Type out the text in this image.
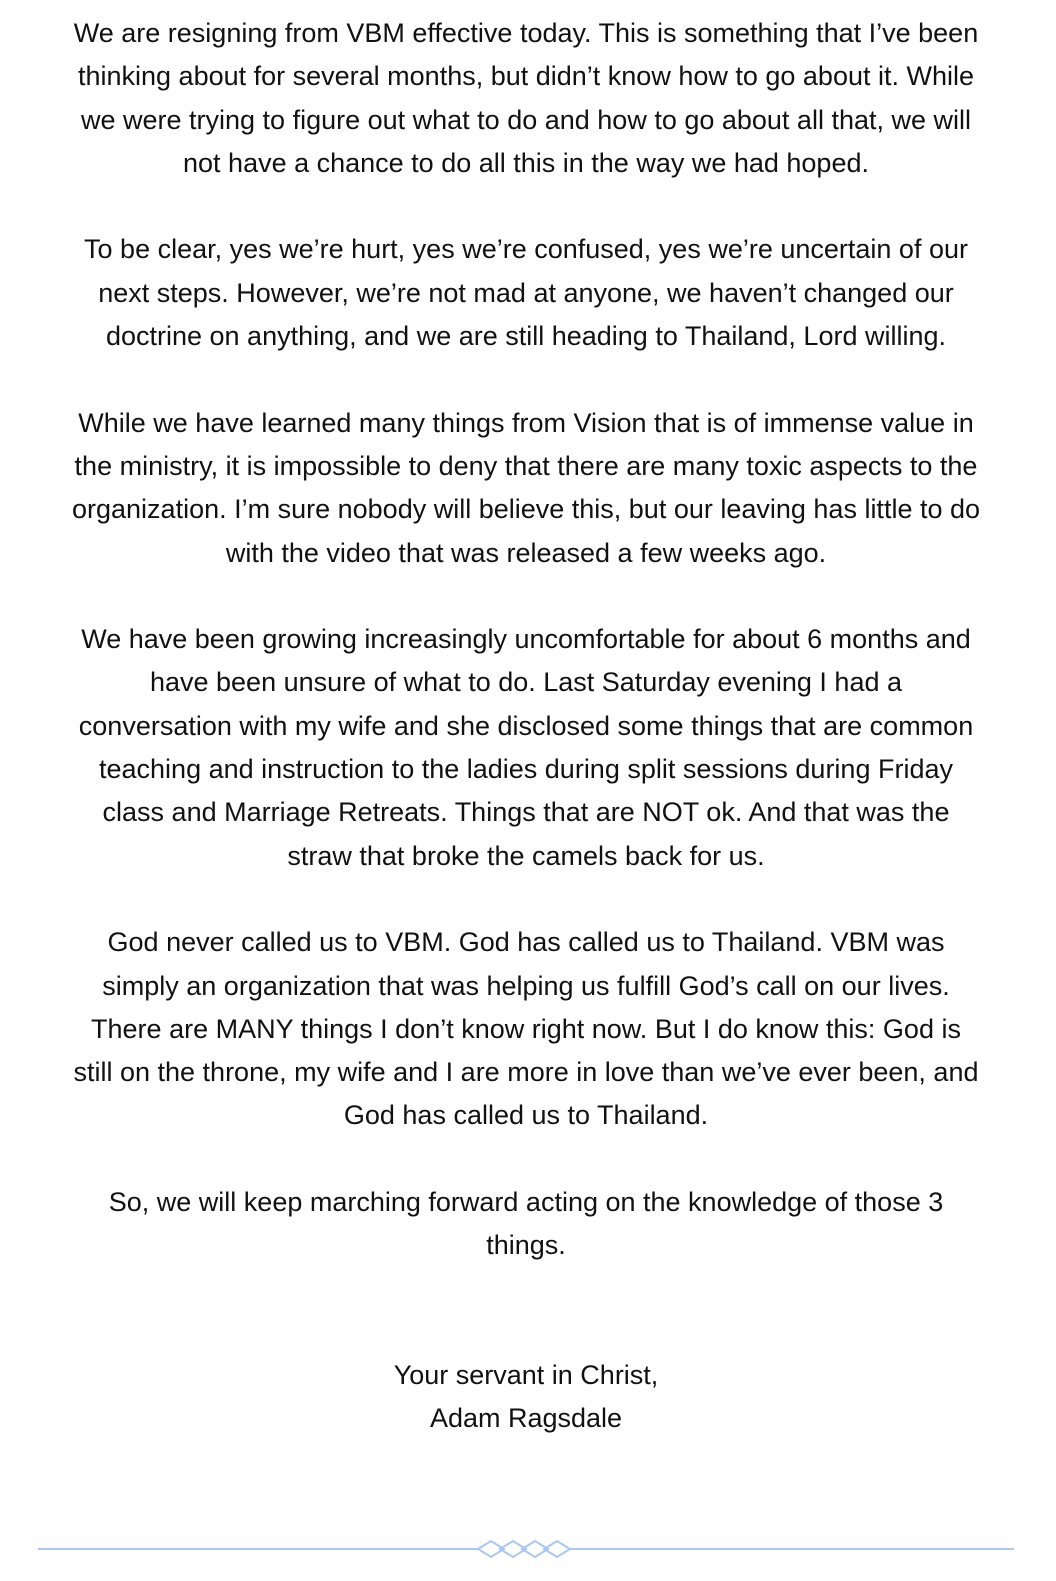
We are resigning from VBM effective today. This is something that I’ve been thinking about for several months, but didn’t know how to go about it. While we were trying to figure out what to do and how to go about all that, we will not have a chance to do all this in the way we had hoped.

To be clear, yes we’re hurt, yes we’re confused, yes we’re uncertain of our next steps. However, we’re not mad at anyone, we haven’t changed our doctrine on anything, and we are still heading to Thailand, Lord willing.

While we have learned many things from Vision that is of immense value in the ministry, it is impossible to deny that there are many toxic aspects to the organization. I’m sure nobody will believe this, but our leaving has little to do with the video that was released a few weeks ago.

We have been growing increasingly uncomfortable for about 6 months and have been unsure of what to do. Last Saturday evening I had a conversation with my wife and she disclosed some things that are common teaching and instruction to the ladies during split sessions during Friday class and Marriage Retreats. Things that are NOT ok. And that was the straw that broke the camels back for us.

God never called us to VBM. God has called us to Thailand. VBM was simply an organization that was helping us fulfill God’s call on our lives. There are MANY things I don’t know right now. But I do know this: God is still on the throne, my wife and I are more in love than we’ve ever been, and God has called us to Thailand.

So, we will keep marching forward acting on the knowledge of those 3 things.

Your servant in Christ,
Adam Ragsdale
